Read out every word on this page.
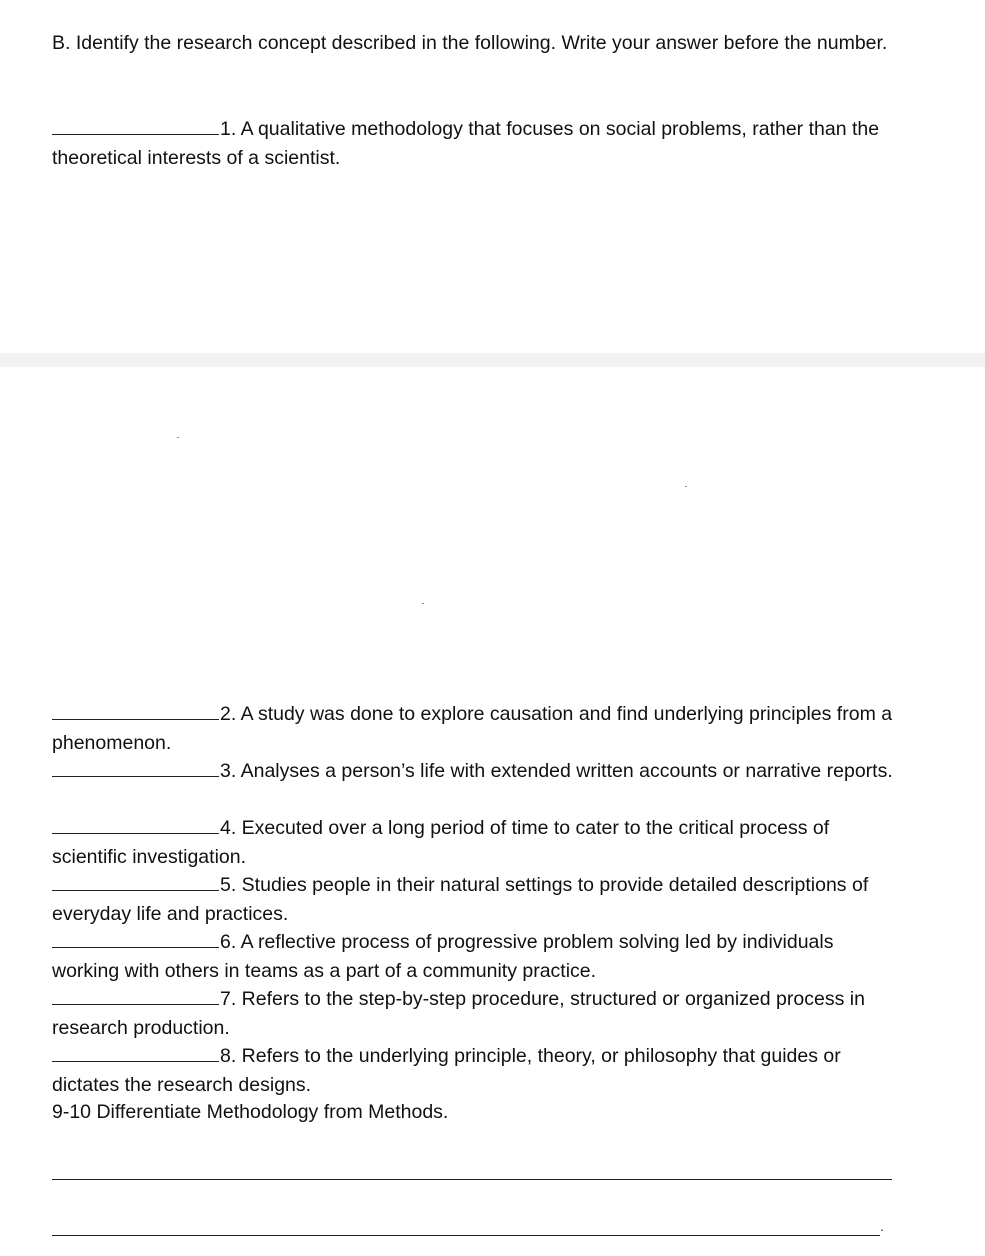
B. Identify the research concept described in the following. Write your answer before the number.
1. A qualitative methodology that focuses on social problems, rather than the theoretical interests of a scientist.
2. A study was done to explore causation and find underlying principles from a phenomenon.
3. Analyses a person’s life with extended written accounts or narrative reports.
4. Executed over a long period of time to cater to the critical process of scientific investigation.
5. Studies people in their natural settings to provide detailed descriptions of everyday life and practices.
6. A reflective process of progressive problem solving led by individuals working with others in teams as a part of a community practice.
7. Refers to the step-by-step procedure, structured or organized process in research production.
8. Refers to the underlying principle, theory, or philosophy that guides or dictates the research designs.
9-10 Differentiate Methodology from Methods.
.
